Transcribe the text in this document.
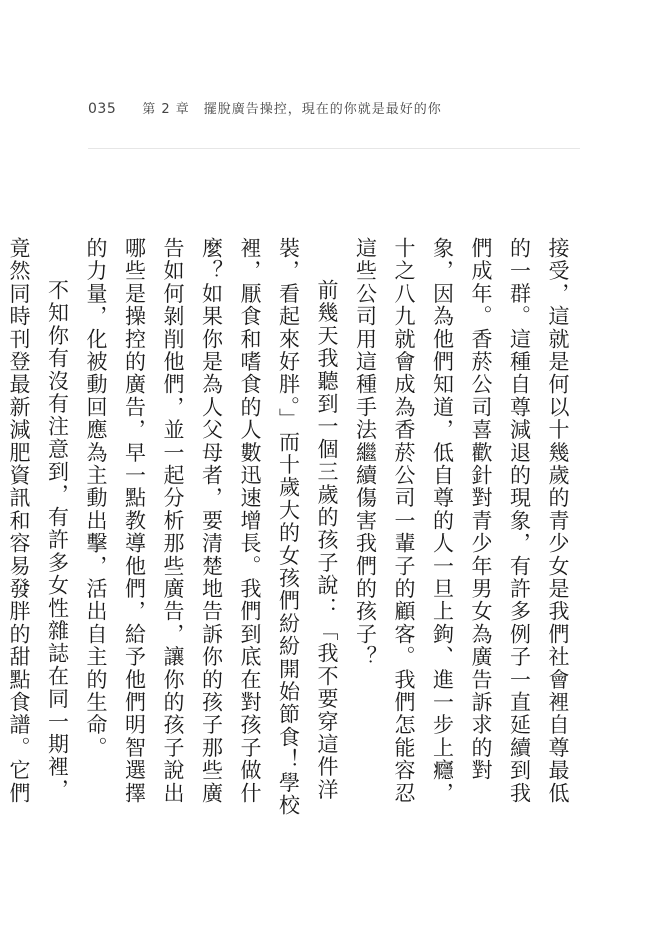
035 第 2 章　擺脫廣告操控，現在的你就是最好的你

接受，這就是何以十幾歲的青少女是我們社會裡自尊最低的一群。這種自尊減退的現象，有許多例子一直延續到我們成年。香菸公司喜歡針對青少年男女為廣告訴求的對象，因為他們知道，低自尊的人一旦上鉤、進一步上癮，十之八九就會成為香菸公司一輩子的顧客。我們怎能容忍這些公司用這種手法繼續傷害我們的孩子？

前幾天我聽到一個三歲的孩子說：「我不要穿這件洋裝，看起來好胖。」而十歲大的女孩們紛紛開始節食！學校裡，厭食和嗜食的人數迅速增長。我們到底在對孩子做什麼？如果你是為人父母者，要清楚地告訴你的孩子那些廣告如何剝削他們，並一起分析那些廣告，讓你的孩子說出哪些是操控的廣告，早一點教導他們，給予他們明智選擇的力量，化被動回應為主動出擊，活出自主的生命。

不知你有沒有注意到，有許多女性雜誌在同一期裡，竟然同時刊登最新減肥資訊和容易發胖的甜點食譜。它們
